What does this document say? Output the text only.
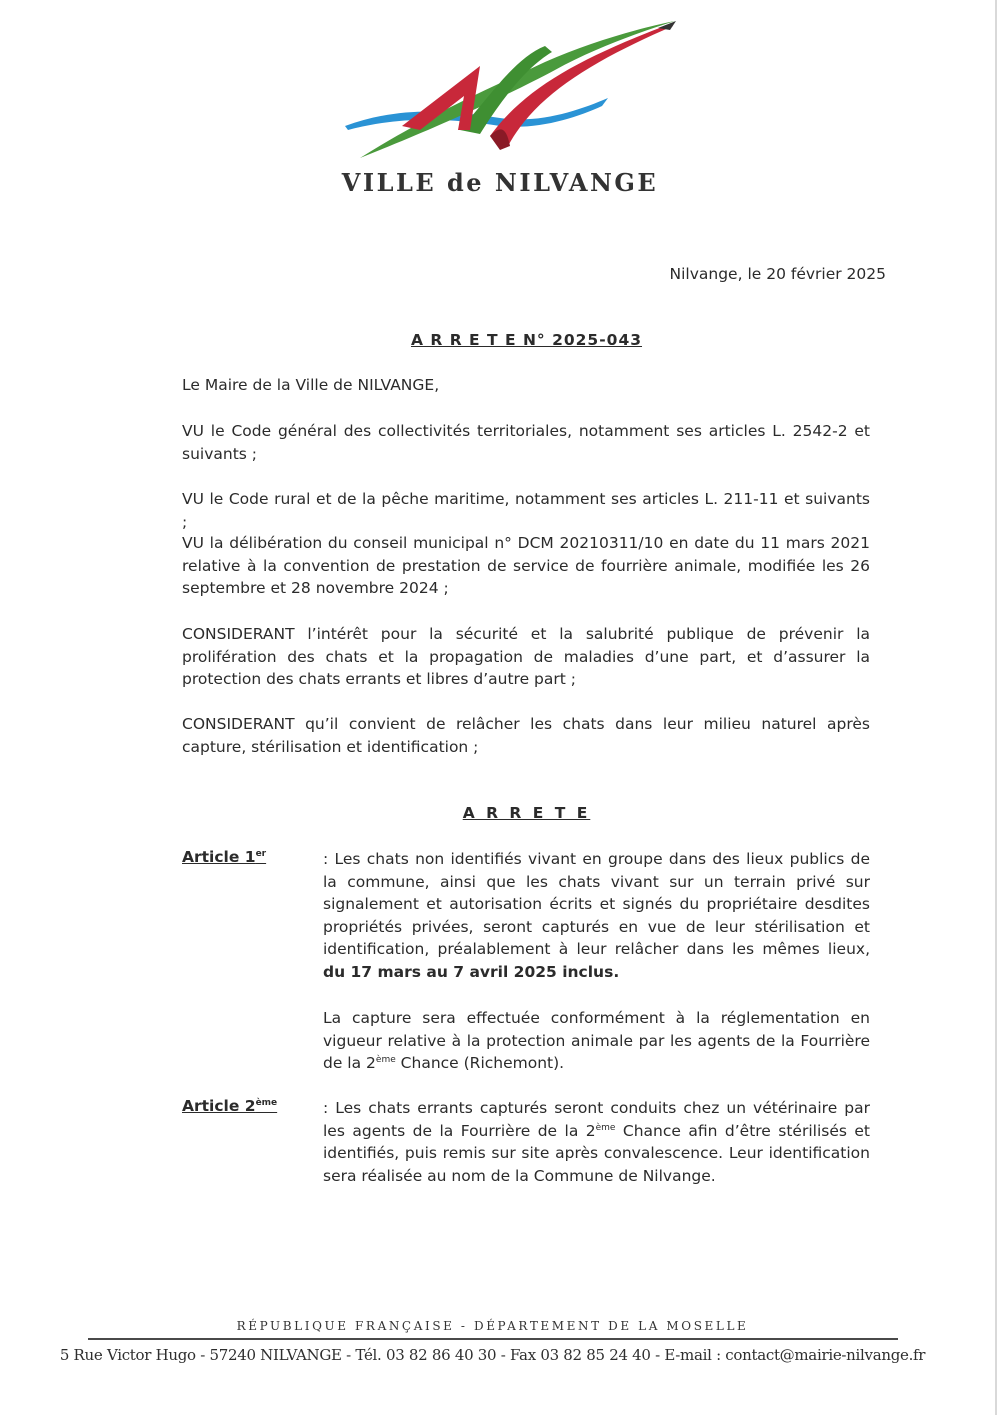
VILLE de NILVANGE

Nilvange, le 20 février 2025

A R R E T E N° 2025-043

Le Maire de la Ville de NILVANGE,

VU le Code général des collectivités territoriales, notamment ses articles L. 2542-2 et suivants ;

VU le Code rural et de la pêche maritime, notamment ses articles L. 211-11 et suivants ;

VU la délibération du conseil municipal n° DCM 20210311/10 en date du 11 mars 2021 relative à la convention de prestation de service de fourrière animale, modifiée les 26 septembre et 28 novembre 2024 ;

CONSIDERANT l’intérêt pour la sécurité et la salubrité publique de prévenir la prolifération des chats et la propagation de maladies d’une part, et d’assurer la protection des chats errants et libres d’autre part ;

CONSIDERANT qu’il convient de relâcher les chats dans leur milieu naturel après capture, stérilisation et identification ;

A R R E T E
Article 1er	: Les chats non identifiés vivant en groupe dans des lieux publics de la commune, ainsi que les chats vivant sur un terrain privé sur signalement et autorisation écrits et signés du propriétaire desdites propriétés privées, seront capturés en vue de leur stérilisation et identification, préalablement à leur relâcher dans les mêmes lieux, du 17 mars au 7 avril 2025 inclus.

La capture sera effectuée conformément à la réglementation en vigueur relative à la protection animale par les agents de la Fourrière de la 2ème Chance (Richemont).

Article 2ème	: Les chats errants capturés seront conduits chez un vétérinaire par les agents de la Fourrière de la 2ème Chance afin d’être stérilisés et identifiés, puis remis sur site après convalescence. Leur identification sera réalisée au nom de la Commune de Nilvange.

RÉPUBLIQUE FRANÇAISE - DÉPARTEMENT DE LA MOSELLE
5 Rue Victor Hugo - 57240 NILVANGE - Tél. 03 82 86 40 30 - Fax 03 82 85 24 40 - E-mail : contact@mairie-nilvange.fr
